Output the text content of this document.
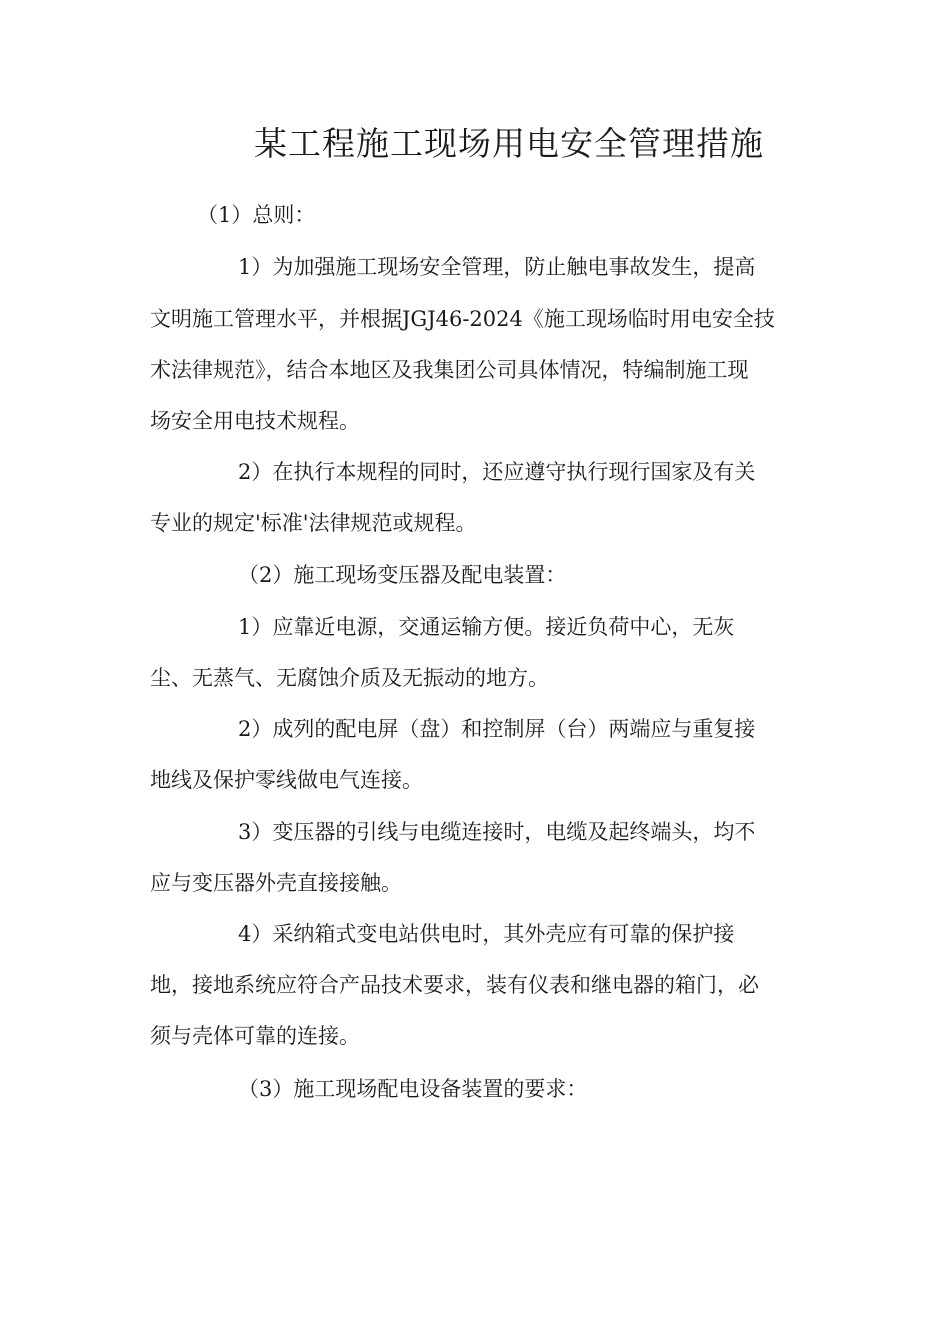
某工程施工现场用电安全管理措施
（1）总则：
1）为加强施工现场安全管理，防止触电事故发生，提高
文明施工管理水平，并根据JGJ46-2024《施工现场临时用电安全技
术法律规范》，结合本地区及我集团公司具体情况，特编制施工现
场安全用电技术规程。
2）在执行本规程的同时，还应遵守执行现行国家及有关
专业的规定'标准'法律规范或规程。
（2）施工现场变压器及配电装置：
1）应靠近电源，交通运输方便。接近负荷中心，无灰
尘、无蒸气、无腐蚀介质及无振动的地方。
2）成列的配电屏（盘）和控制屏（台）两端应与重复接
地线及保护零线做电气连接。
3）变压器的引线与电缆连接时，电缆及起终端头，均不
应与变压器外壳直接接触。
4）采纳箱式变电站供电时，其外壳应有可靠的保护接
地，接地系统应符合产品技术要求，装有仪表和继电器的箱门，必
须与壳体可靠的连接。
（3）施工现场配电设备装置的要求：
